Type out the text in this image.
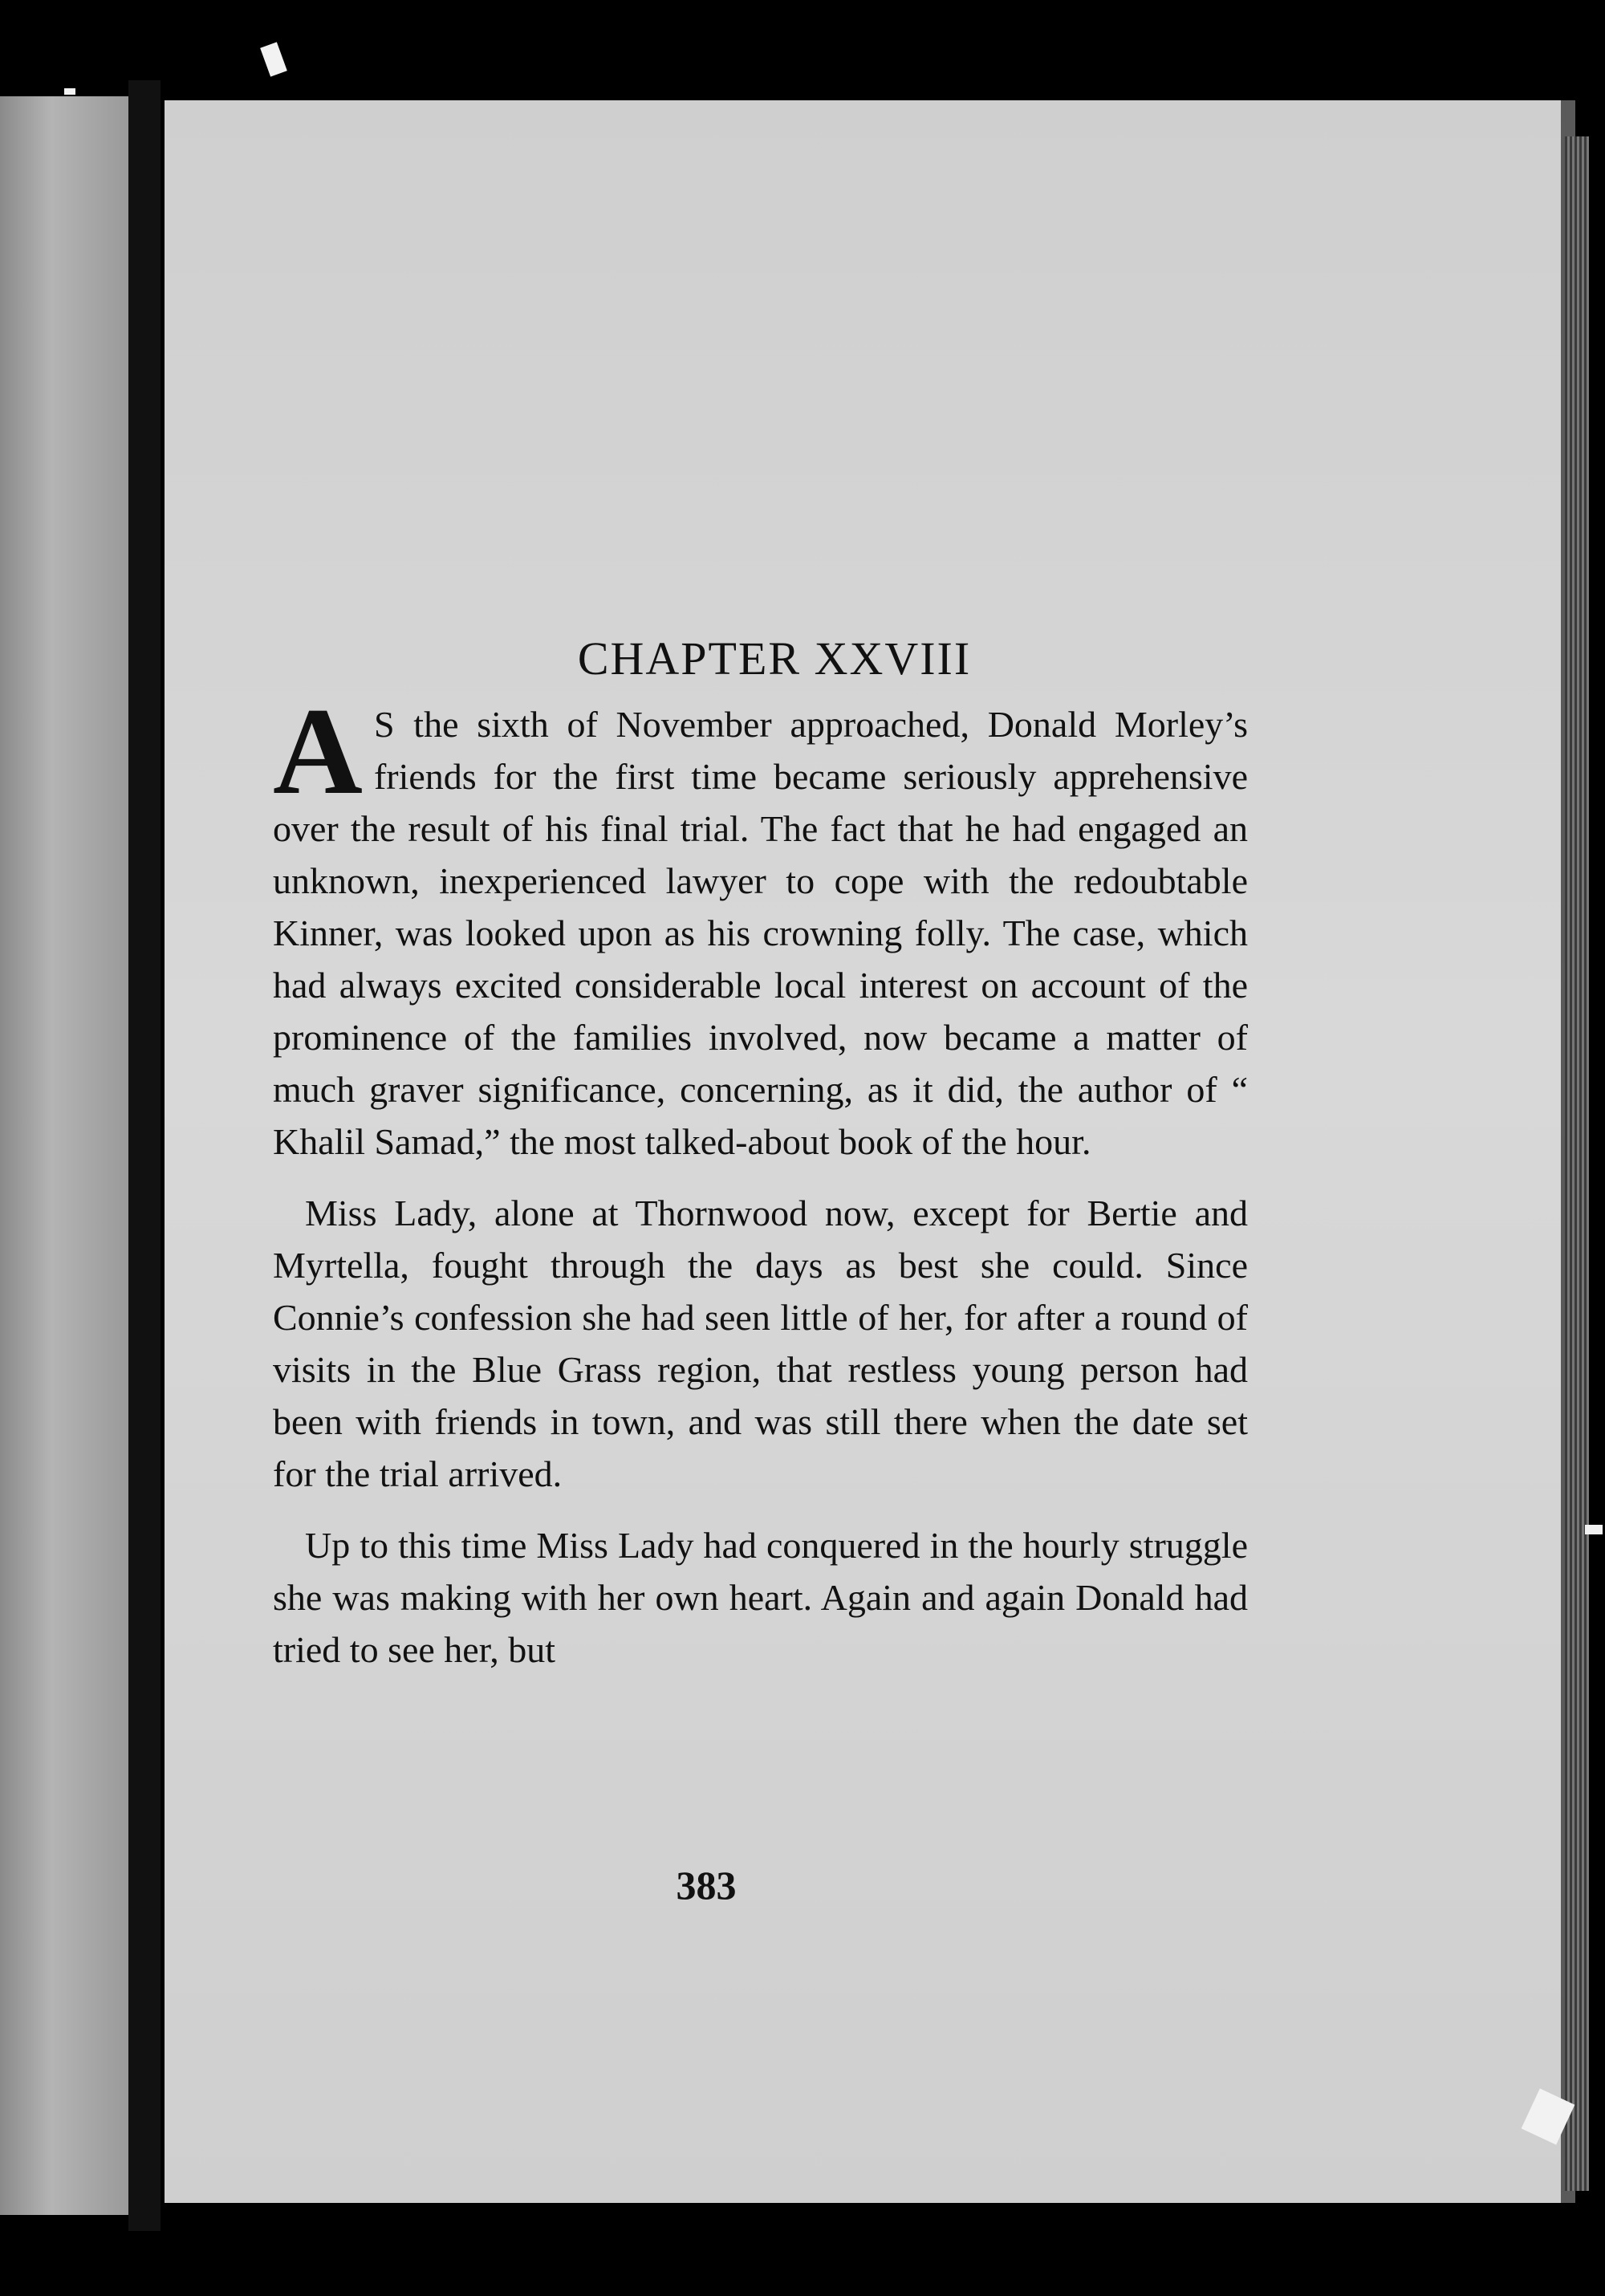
CHAPTER XXVIII

A S the sixth of November approached, Donald Morley’s friends for the first time became seriously apprehensive over the result of his final trial. The fact that he had engaged an unknown, inexperienced lawyer to cope with the redoubtable Kinner, was looked upon as his crowning folly. The case, which had always excited considerable local interest on account of the prominence of the families involved, now became a matter of much graver significance, concerning, as it did, the author of “ Khalil Samad,” the most talked-about book of the hour.

Miss Lady, alone at Thornwood now, except for Bertie and Myrtella, fought through the days as best she could. Since Connie’s confession she had seen little of her, for after a round of visits in the Blue Grass region, that restless young person had been with friends in town, and was still there when the date set for the trial arrived.

Up to this time Miss Lady had conquered in the hourly struggle she was making with her own heart. Again and again Donald had tried to see her, but

383
